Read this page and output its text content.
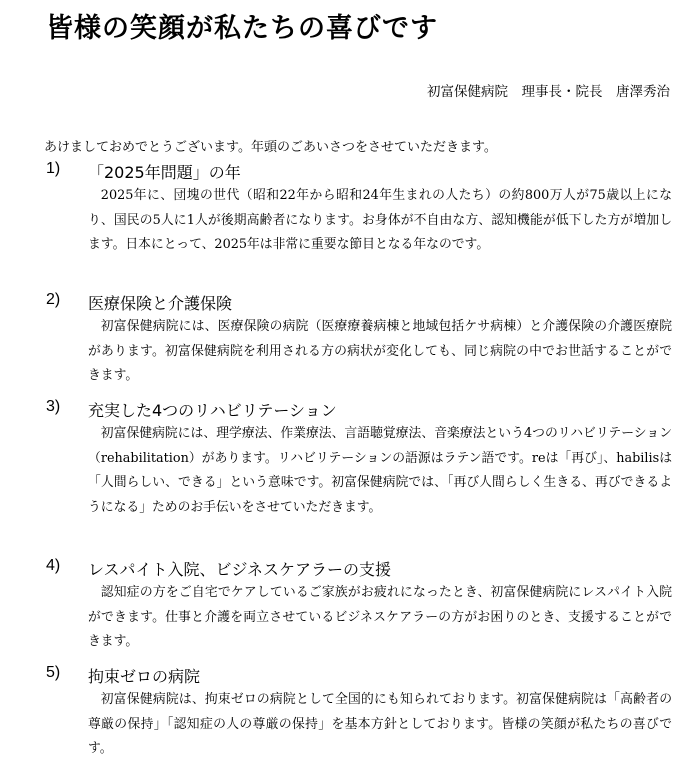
皆様の笑顔が私たちの喜びです
初富保健病院　理事長・院長　唐澤秀治
あけましておめでとうございます。年頭のごあいさつをさせていただきます。
1) 「2025年問題」の年
2025年に、団塊の世代（昭和22年から昭和24年生まれの人たち）の約800万人が75歳以上になり、国民の5人に1人が後期高齢者になります。お身体が不自由な方、認知機能が低下した方が増加します。日本にとって、2025年は非常に重要な節目となる年なのです。
2) 医療保険と介護保険
初富保健病院には、医療保険の病院（医療療養病棟と地域包括ケサ病棟）と介護保険の介護医療院があります。初富保健病院を利用される方の病状が変化しても、同じ病院の中でお世話することができます。
3) 充実した4つのリハビリテーション
初富保健病院には、理学療法、作業療法、言語聴覚療法、音楽療法という4つのリハビリテーション（rehabilitation）があります。リハビリテーションの語源はラテン語です。reは「再び」、habilisは「人間らしい、できる」という意味です。初富保健病院では、「再び人間らしく生きる、再びできるようになる」ためのお手伝いをさせていただきます。
4) レスパイト入院、ビジネスケアラーの支援
認知症の方をご自宅でケアしているご家族がお疲れになったとき、初富保健病院にレスパイト入院ができます。仕事と介護を両立させているビジネスケアラーの方がお困りのとき、支援することができます。
5) 拘束ゼロの病院
初富保健病院は、拘束ゼロの病院として全国的にも知られております。初富保健病院は「高齢者の尊厳の保持」「認知症の人の尊厳の保持」を基本方針としております。皆様の笑顔が私たちの喜びです。
